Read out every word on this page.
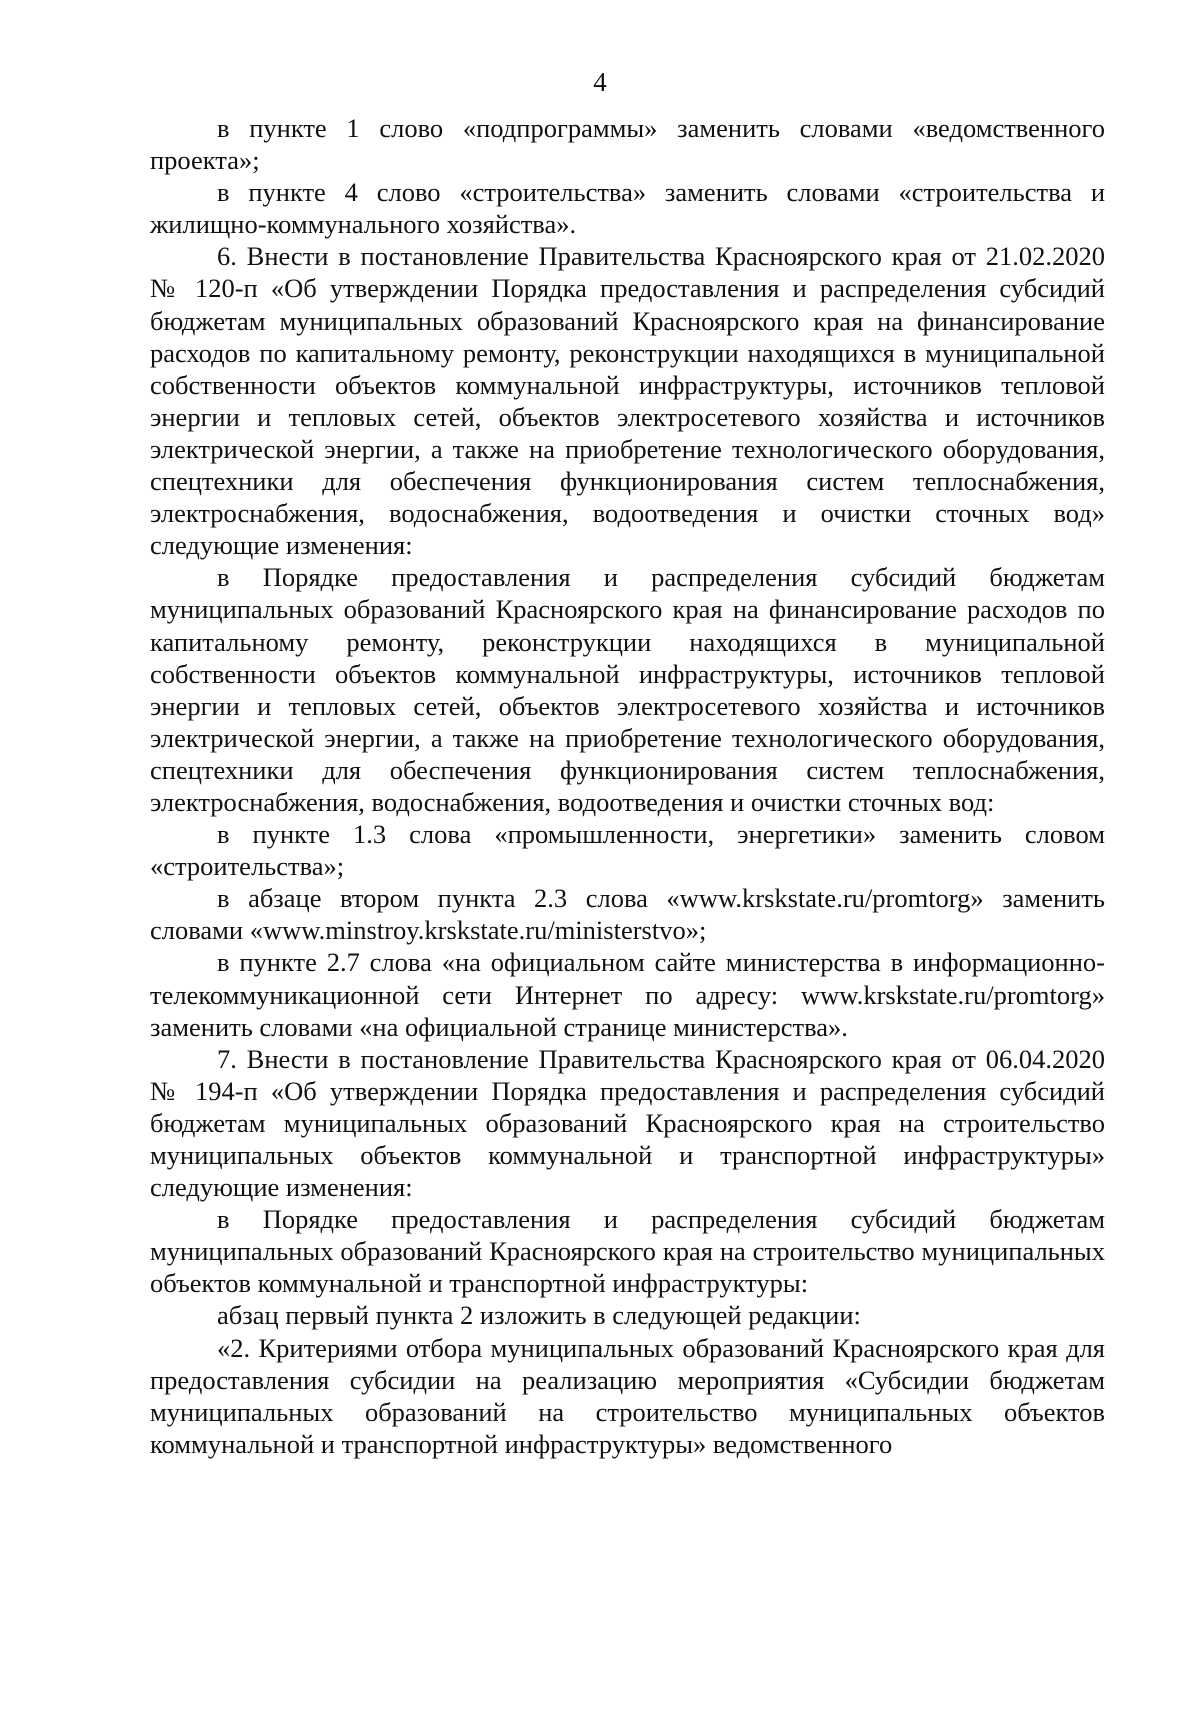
4

в пункте 1 слово «подпрограммы» заменить словами «ведомственного проекта»;

в пункте 4 слово «строительства» заменить словами «строительства и жилищно-коммунального хозяйства».

6. Внести в постановление Правительства Красноярского края от 21.02.2020 № 120-п «Об утверждении Порядка предоставления и распределения субсидий бюджетам муниципальных образований Красноярского края на финансирование расходов по капитальному ремонту, реконструкции находящихся в муниципальной собственности объектов коммунальной инфраструктуры, источников тепловой энергии и тепловых сетей, объектов электросетевого хозяйства и источников электрической энергии, а также на приобретение технологического оборудования, спецтехники для обеспечения функционирования систем теплоснабжения, электроснабжения, водоснабжения, водоотведения и очистки сточных вод» следующие изменения:

в Порядке предоставления и распределения субсидий бюджетам муниципальных образований Красноярского края на финансирование расходов по капитальному ремонту, реконструкции находящихся в муниципальной собственности объектов коммунальной инфраструктуры, источников тепловой энергии и тепловых сетей, объектов электросетевого хозяйства и источников электрической энергии, а также на приобретение технологического оборудования, спецтехники для обеспечения функционирования систем теплоснабжения, электроснабжения, водоснабжения, водоотведения и очистки сточных вод:

в пункте 1.3 слова «промышленности, энергетики» заменить словом «строительства»;

в абзаце втором пункта 2.3 слова «www.krskstate.ru/promtorg» заменить словами «www.minstroy.krskstate.ru/ministerstvo»;

в пункте 2.7 слова «на официальном сайте министерства в информационно-телекоммуникационной сети Интернет по адресу: www.krskstate.ru/promtorg» заменить словами «на официальной странице министерства».

7. Внести в постановление Правительства Красноярского края от 06.04.2020 № 194-п «Об утверждении Порядка предоставления и распределения субсидий бюджетам муниципальных образований Красноярского края на строительство муниципальных объектов коммунальной и транспортной инфраструктуры» следующие изменения:

в Порядке предоставления и распределения субсидий бюджетам муниципальных образований Красноярского края на строительство муниципальных объектов коммунальной и транспортной инфраструктуры:

абзац первый пункта 2 изложить в следующей редакции:

«2. Критериями отбора муниципальных образований Красноярского края для предоставления субсидии на реализацию мероприятия «Субсидии бюджетам муниципальных образований на строительство муниципальных объектов коммунальной и транспортной инфраструктуры» ведомственного
